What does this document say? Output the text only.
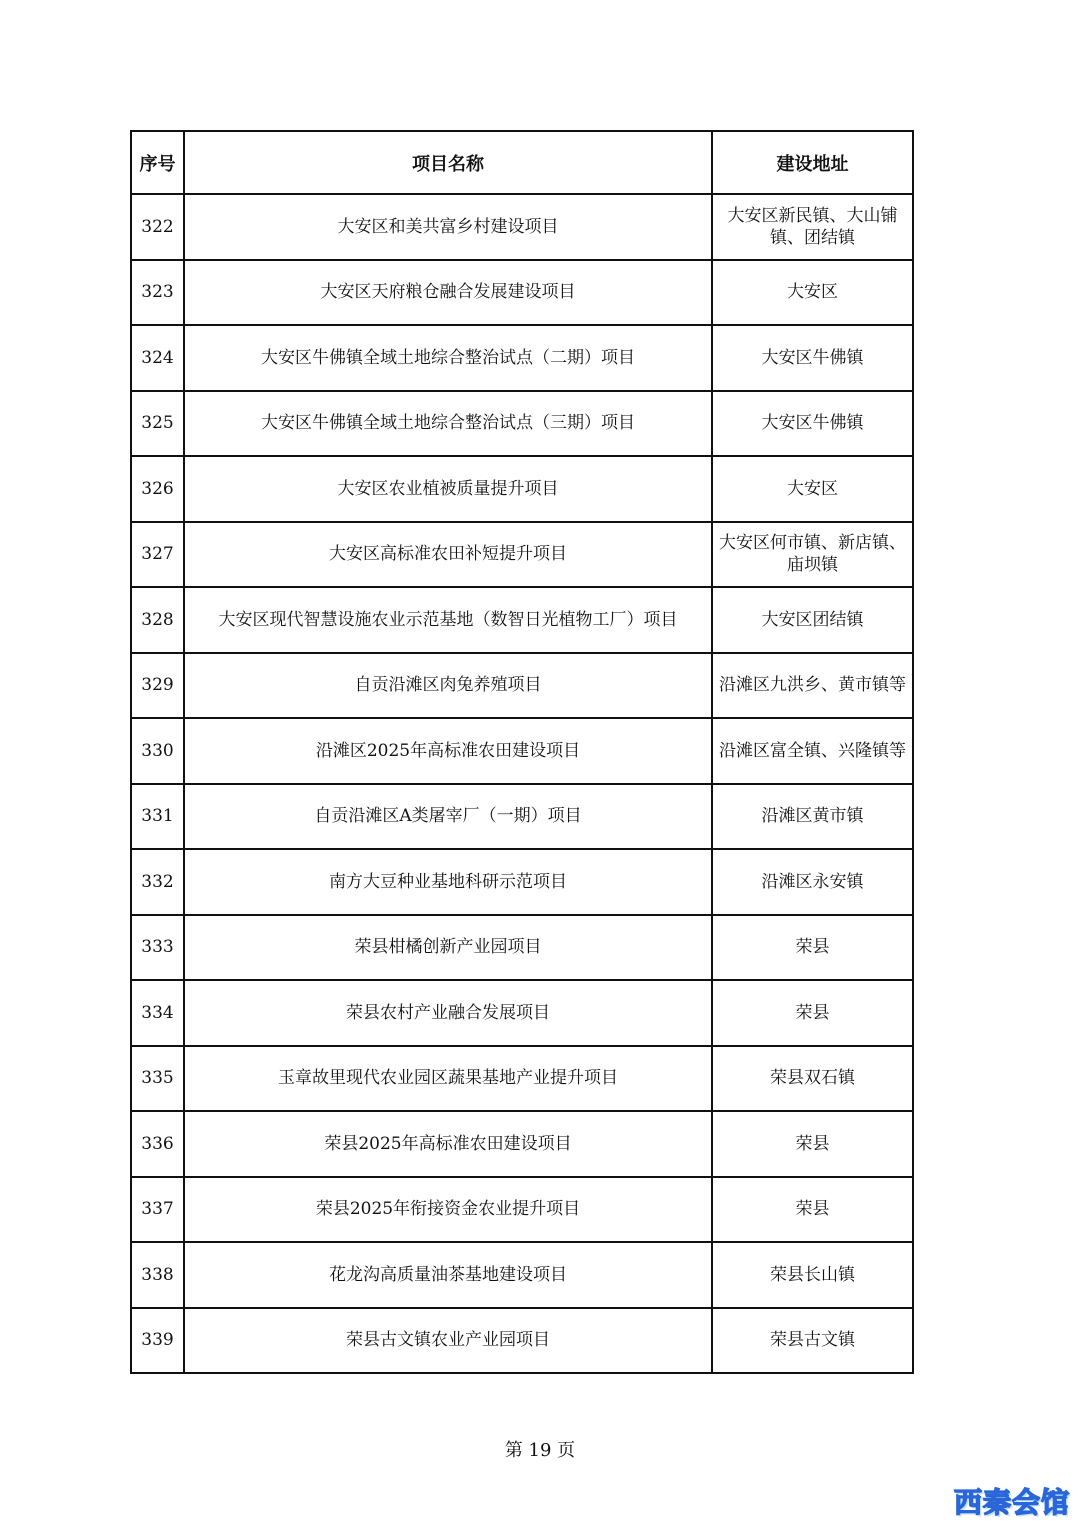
序号	项目名称	建设地址
322	大安区和美共富乡村建设项目	大安区新民镇、大山铺镇、团结镇
323	大安区天府粮仓融合发展建设项目	大安区
324	大安区牛佛镇全域土地综合整治试点（二期）项目	大安区牛佛镇
325	大安区牛佛镇全域土地综合整治试点（三期）项目	大安区牛佛镇
326	大安区农业植被质量提升项目	大安区
327	大安区高标准农田补短提升项目	大安区何市镇、新店镇、庙坝镇
328	大安区现代智慧设施农业示范基地（数智日光植物工厂）项目	大安区团结镇
329	自贡沿滩区肉兔养殖项目	沿滩区九洪乡、黄市镇等
330	沿滩区2025年高标准农田建设项目	沿滩区富全镇、兴隆镇等
331	自贡沿滩区A类屠宰厂（一期）项目	沿滩区黄市镇
332	南方大豆种业基地科研示范项目	沿滩区永安镇
333	荣县柑橘创新产业园项目	荣县
334	荣县农村产业融合发展项目	荣县
335	玉章故里现代农业园区蔬果基地产业提升项目	荣县双石镇
336	荣县2025年高标准农田建设项目	荣县
337	荣县2025年衔接资金农业提升项目	荣县
338	花龙沟高质量油茶基地建设项目	荣县长山镇
339	荣县古文镇农业产业园项目	荣县古文镇
第 19 页
西秦会馆
